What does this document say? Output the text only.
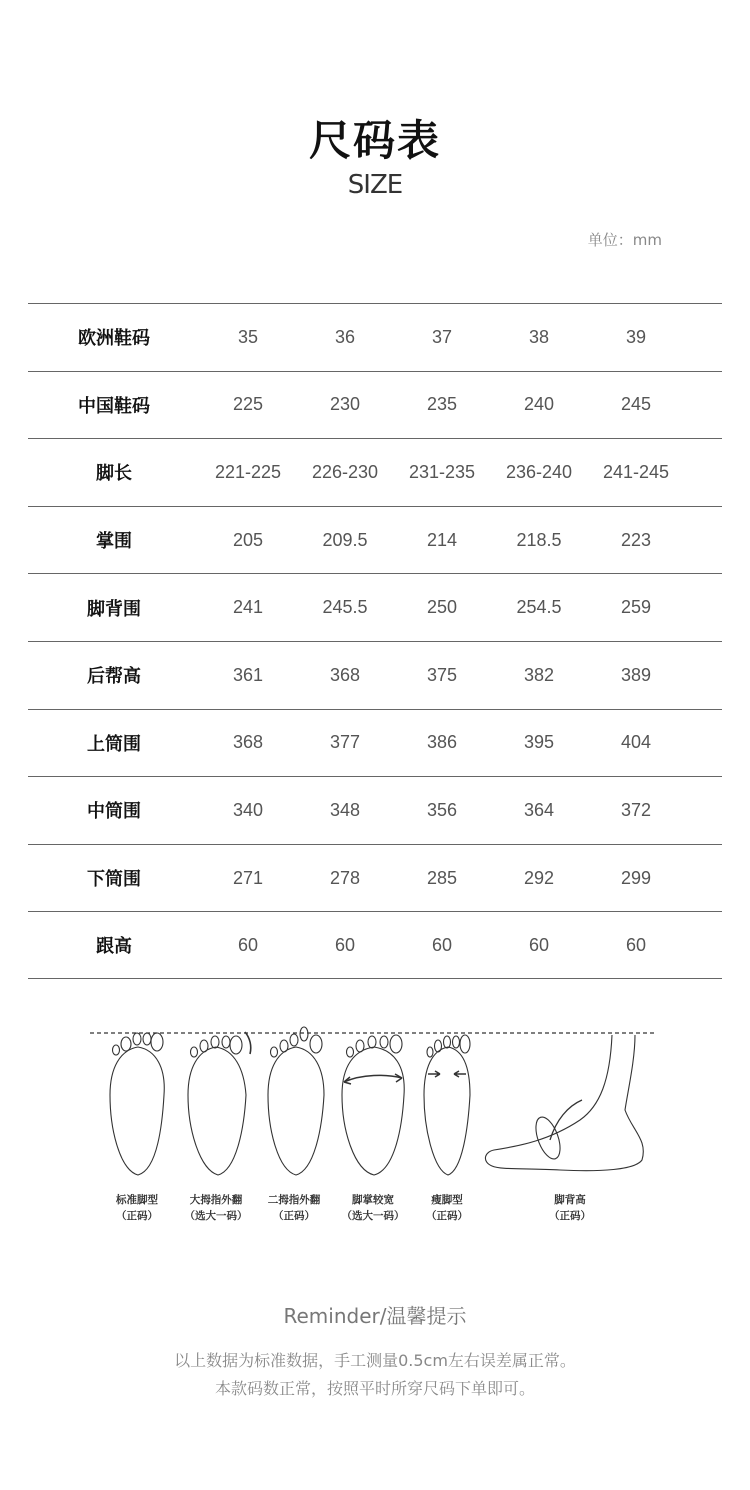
尺码表
SIZE
单位：mm
欧洲鞋码	35	36	37	38	39
中国鞋码	225	230	235	240	245
脚长	221-225	226-230	231-235	236-240	241-245
掌围	205	209.5	214	218.5	223
脚背围	241	245.5	250	254.5	259
后帮高	361	368	375	382	389
上筒围	368	377	386	395	404
中筒围	340	348	356	364	372
下筒围	271	278	285	292	299
跟高	60	60	60	60	60
标准脚型
（正码）
大拇指外翻
（选大一码）
二拇指外翻
（正码）
脚掌较宽
（选大一码）
瘦脚型
（正码）
脚背高
（正码）
Reminder/温馨提示
以上数据为标准数据，手工测量0.5cm左右误差属正常。
本款码数正常，按照平时所穿尺码下单即可。
